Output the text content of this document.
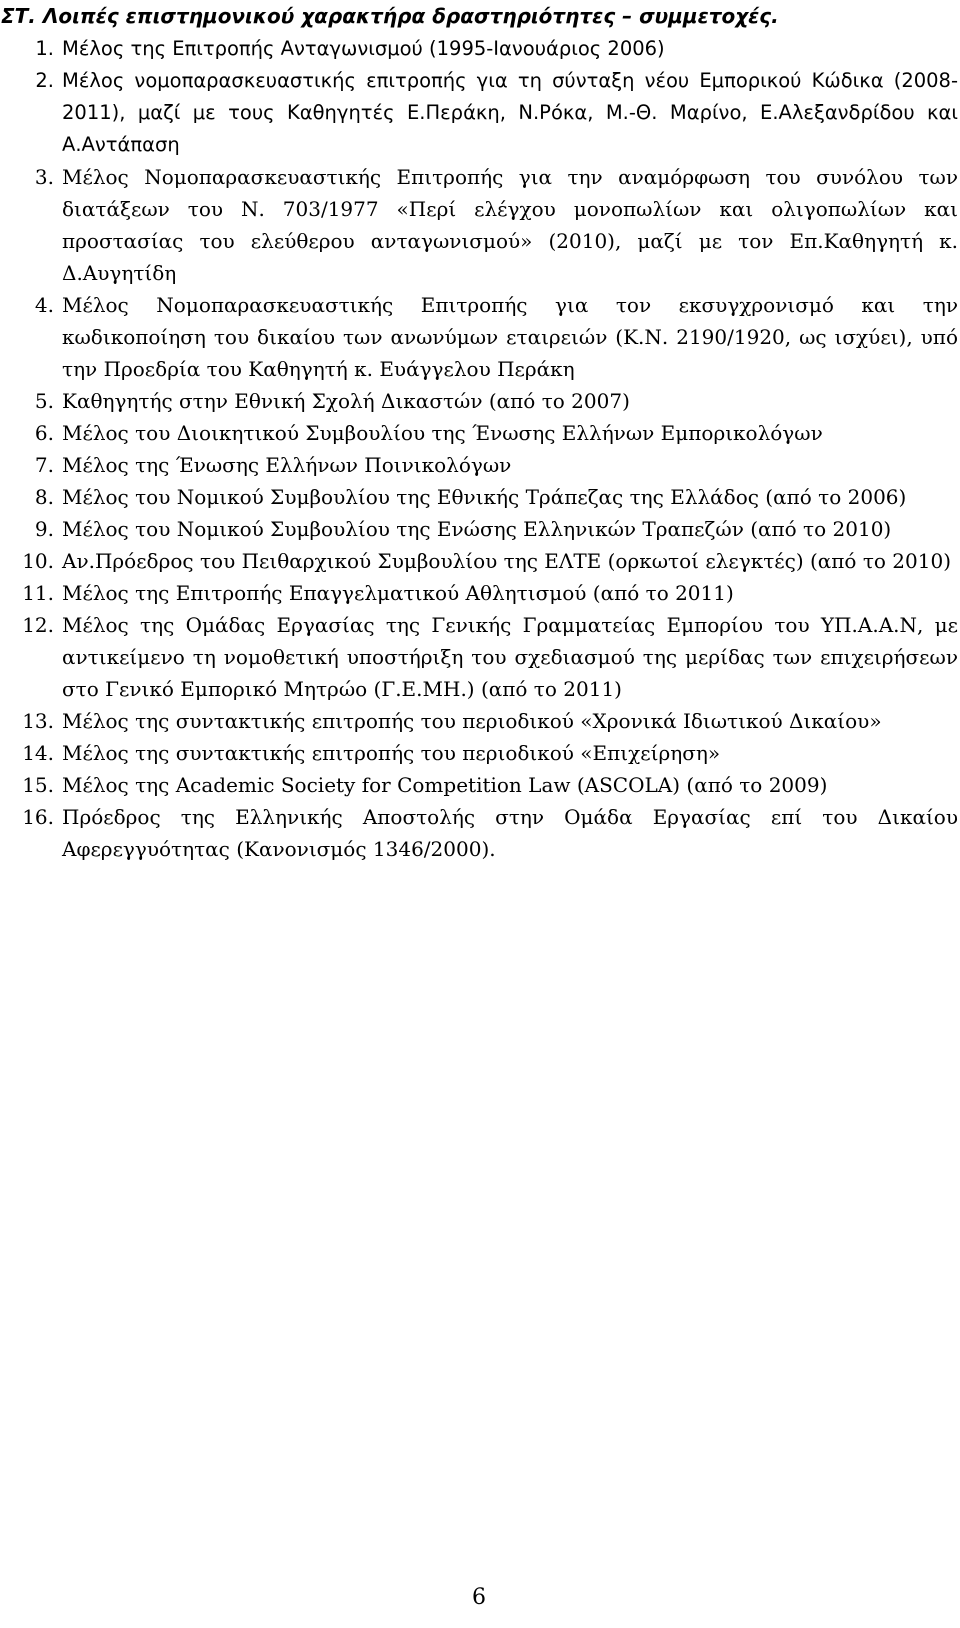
ΣΤ. Λοιπές επιστημονικού χαρακτήρα δραστηριότητες – συμμετοχές.
1. Μέλος της Επιτροπής Ανταγωνισμού (1995-Ιανουάριος 2006)
2. Μέλος νομοπαρασκευαστικής επιτροπής για τη σύνταξη νέου Εμπορικού Κώδικα (2008-2011), μαζί με τους Καθηγητές Ε.Περάκη, Ν.Ρόκα, Μ.-Θ. Μαρίνο, Ε.Αλεξανδρίδου και Α.Αντάπαση
3. Μέλος Νομοπαρασκευαστικής Επιτροπής για την αναμόρφωση του συνόλου των διατάξεων του Ν. 703/1977 «Περί ελέγχου μονοπωλίων και ολιγοπωλίων και προστασίας του ελεύθερου ανταγωνισμού» (2010), μαζί με τον Επ.Καθηγητή κ. Δ.Αυγητίδη
4. Μέλος Νομοπαρασκευαστικής Επιτροπής για τον εκσυγχρονισμό και την κωδικοποίηση του δικαίου των ανωνύμων εταιρειών (Κ.Ν. 2190/1920, ως ισχύει), υπό την Προεδρία του Καθηγητή κ. Ευάγγελου Περάκη
5. Καθηγητής στην Εθνική Σχολή Δικαστών (από το 2007)
6. Μέλος του Διοικητικού Συμβουλίου της Ένωσης Ελλήνων Εμπορικολόγων
7. Μέλος της Ένωσης Ελλήνων Ποινικολόγων
8. Μέλος του Νομικού Συμβουλίου της Εθνικής Τράπεζας της Ελλάδος (από το 2006)
9. Μέλος του Νομικού Συμβουλίου της Ενώσης Ελληνικών Τραπεζών (από το 2010)
10. Αν.Πρόεδρος του Πειθαρχικού Συμβουλίου της ΕΛΤΕ (ορκωτοί ελεγκτές) (από το 2010)
11. Μέλος της Επιτροπής Επαγγελματικού Αθλητισμού (από το 2011)
12. Μέλος της Ομάδας Εργασίας της Γενικής Γραμματείας Εμπορίου του ΥΠ.Α.Α.Ν, με αντικείμενο τη νομοθετική υποστήριξη του σχεδιασμού της μερίδας των επιχειρήσεων στο Γενικό Εμπορικό Μητρώο (Γ.Ε.ΜΗ.) (από το 2011)
13. Μέλος της συντακτικής επιτροπής του περιοδικού «Χρονικά Ιδιωτικού Δικαίου»
14. Μέλος της συντακτικής επιτροπής του περιοδικού «Επιχείρηση»
15. Μέλος της Academic Society for Competition Law (ASCOLA) (από το 2009)
16. Πρόεδρος της Ελληνικής Αποστολής στην Ομάδα Εργασίας επί του Δικαίου Αφερεγγυότητας (Κανονισμός 1346/2000).
6
